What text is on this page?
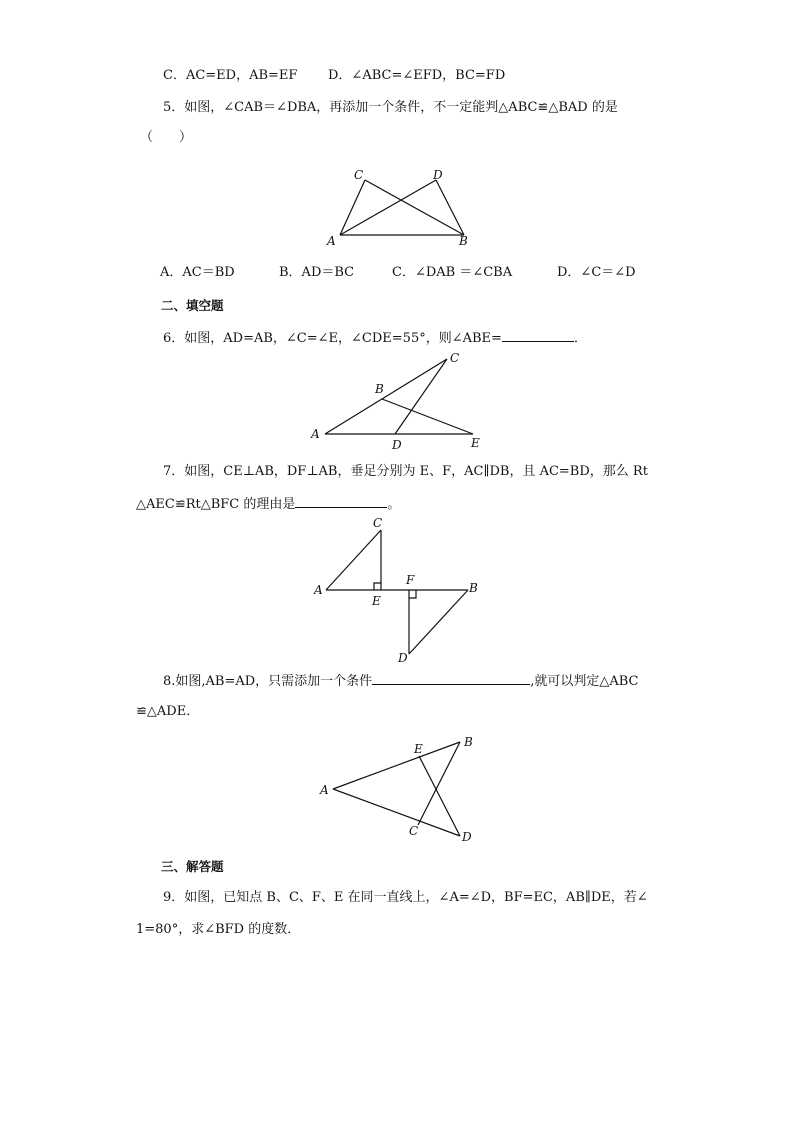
C．AC=ED，AB=EF D．∠ABC=∠EFD，BC=FD
5．如图，∠CAB＝∠DBA，再添加一个条件，不一定能判△ABC≌△BAD 的是
（　　）
C	D
A	B
A．AC＝BD	B．AD＝BC	C．∠DAB ＝∠CBA	D．∠C＝∠D
二、填空题
6．如图，AD=AB，∠C=∠E，∠CDE=55°，则∠ABE=	．
C
B
A
D	E
7．如图，CE⊥AB，DF⊥AB，垂足分别为 E、F，AC∥DB，且 AC=BD，那么 Rt
△AEC≌Rt△BFC 的理由是	。
C
A
E
F
B
D
8.如图,AB=AD，只需添加一个条件	,就可以判定△ABC
≌△ADE．
E	B
A
C	D
三、解答题
9．如图，已知点 B、C、F、E 在同一直线上，∠A=∠D，BF=EC，AB∥DE，若∠
1=80°，求∠BFD 的度数．
